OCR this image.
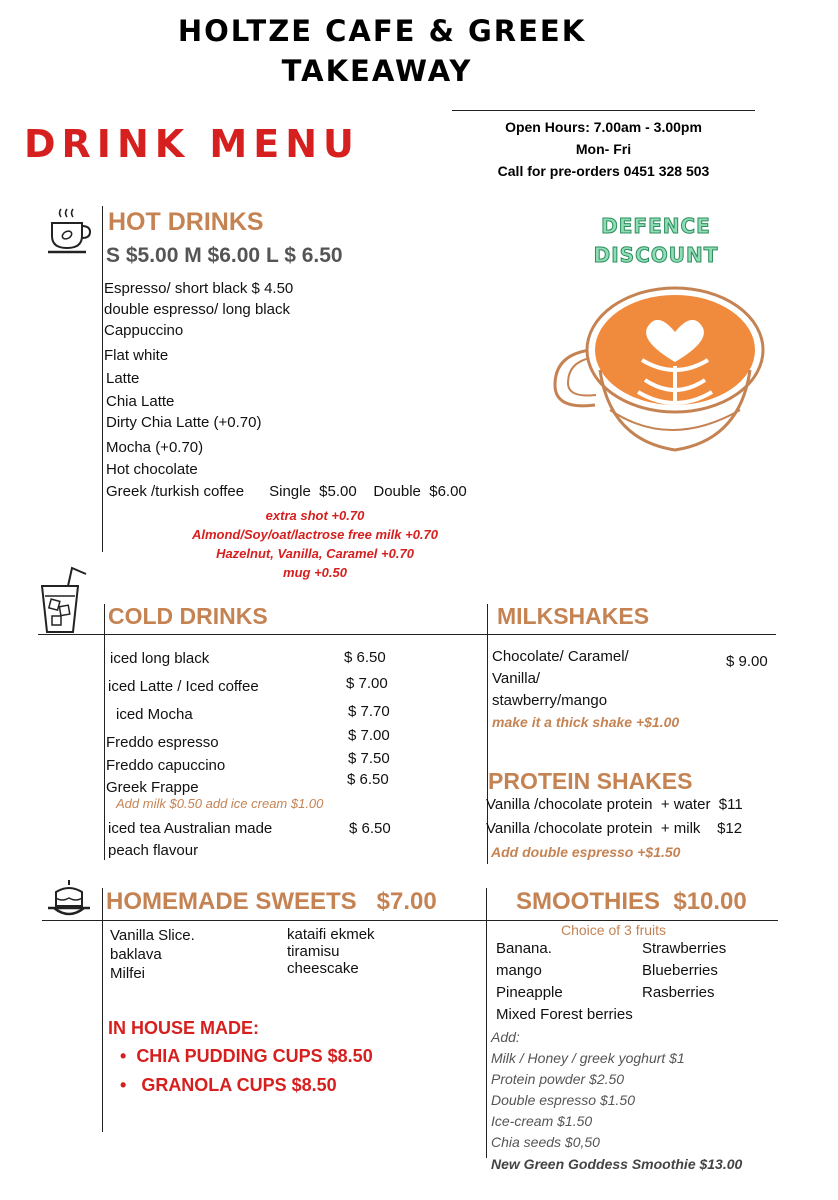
HOLTZE CAFE & GREEK
TAKEAWAY
DRINK MENU	Open Hours: 7.00am - 3.00pm
Mon- Fri
Call for pre-orders 0451 328 503
HOT DRINKS
S $5.00 M $6.00 L $ 6.50
Espresso/ short black $ 4.50
double espresso/ long black
Cappuccino
Flat white
Latte
Chia Latte
Dirty Chia Latte (+0.70)
Mocha (+0.70)
Hot chocolate
Greek /turkish coffee      Single  $5.00    Double  $6.00
extra shot +0.70
Almond/Soy/oat/lactrose free milk +0.70
Hazelnut, Vanilla, Caramel +0.70
mug +0.50
DEFENCE
DISCOUNT
COLD DRINKS
iced long black	$ 6.50
iced Latte / Iced coffee	$ 7.00
iced Mocha	$ 7.70
Freddo espresso	$ 7.00
Freddo capuccino	$ 7.50
Greek Frappe	$ 6.50
Add milk $0.50 add ice cream $1.00
iced tea Australian made
peach flavour
$ 6.50
MILKSHAKES
Chocolate/ Caramel/
Vanilla/
stawberry/mango
$ 9.00
make it a thick shake +$1.00
PROTEIN SHAKES
Vanilla /chocolate protein  + water  $11
Vanilla /chocolate protein  + milk    $12
Add double espresso +$1.50
HOMEMADE SWEETS   $7.00
Vanilla Slice.
baklava
Milfei
kataifi ekmek
tiramisu
cheescake
IN HOUSE MADE:
•  CHIA PUDDING CUPS $8.50
•   GRANOLA CUPS $8.50
SMOOTHIES  $10.00
Choice of 3 fruits
Banana.
mango
Pineapple
Mixed Forest berries
Strawberries
Blueberries
Rasberries
Add:
Milk / Honey / greek yoghurt $1
Protein powder $2.50
Double espresso $1.50
Ice-cream $1.50
Chia seeds $0,50
New Green Goddess Smoothie $13.00
